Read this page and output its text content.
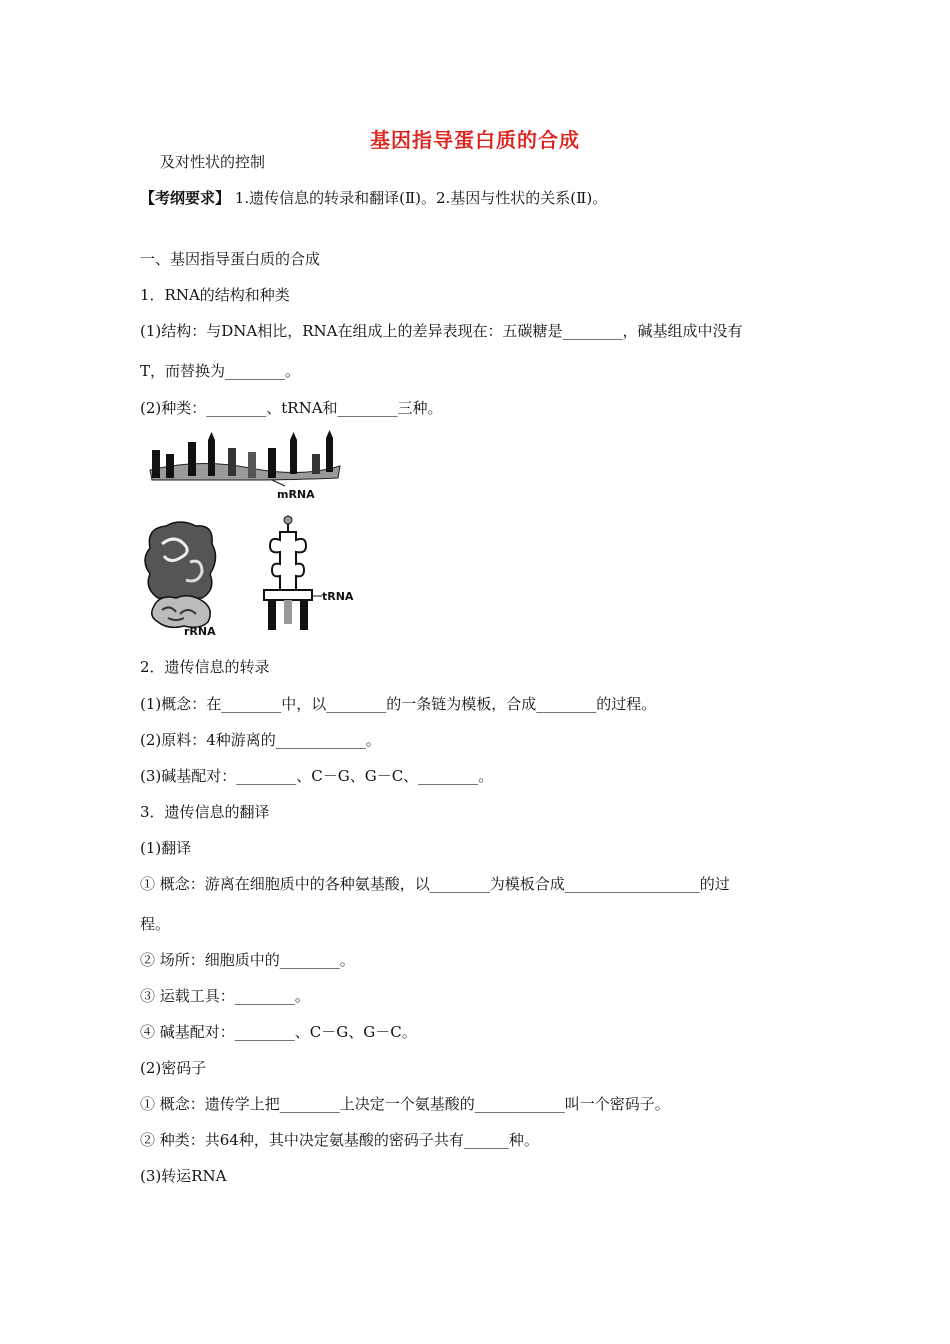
基因指导蛋白质的合成
及对性状的控制
【考纲要求】 1.遗传信息的转录和翻译(Ⅱ)。2.基因与性状的关系(Ⅱ)。
一、基因指导蛋白质的合成
1．RNA的结构和种类
(1)结构：与DNA相比，RNA在组成上的差异表现在：五碳糖是________，碱基组成中没有
T，而替换为________。
(2)种类：________、tRNA和________三种。
mRNA
rRNA
tRNA
2．遗传信息的转录
(1)概念：在________中，以________的一条链为模板，合成________的过程。
(2)原料：4种游离的____________。
(3)碱基配对：________、C－G、G－C、________。
3．遗传信息的翻译
(1)翻译
① 概念：游离在细胞质中的各种氨基酸，以________为模板合成__________________的过
程。
② 场所：细胞质中的________。
③ 运载工具：________。
④ 碱基配对：________、C－G、G－C。
(2)密码子
① 概念：遗传学上把________上决定一个氨基酸的____________叫一个密码子。
② 种类：共64种，其中决定氨基酸的密码子共有______种。
(3)转运RNA
